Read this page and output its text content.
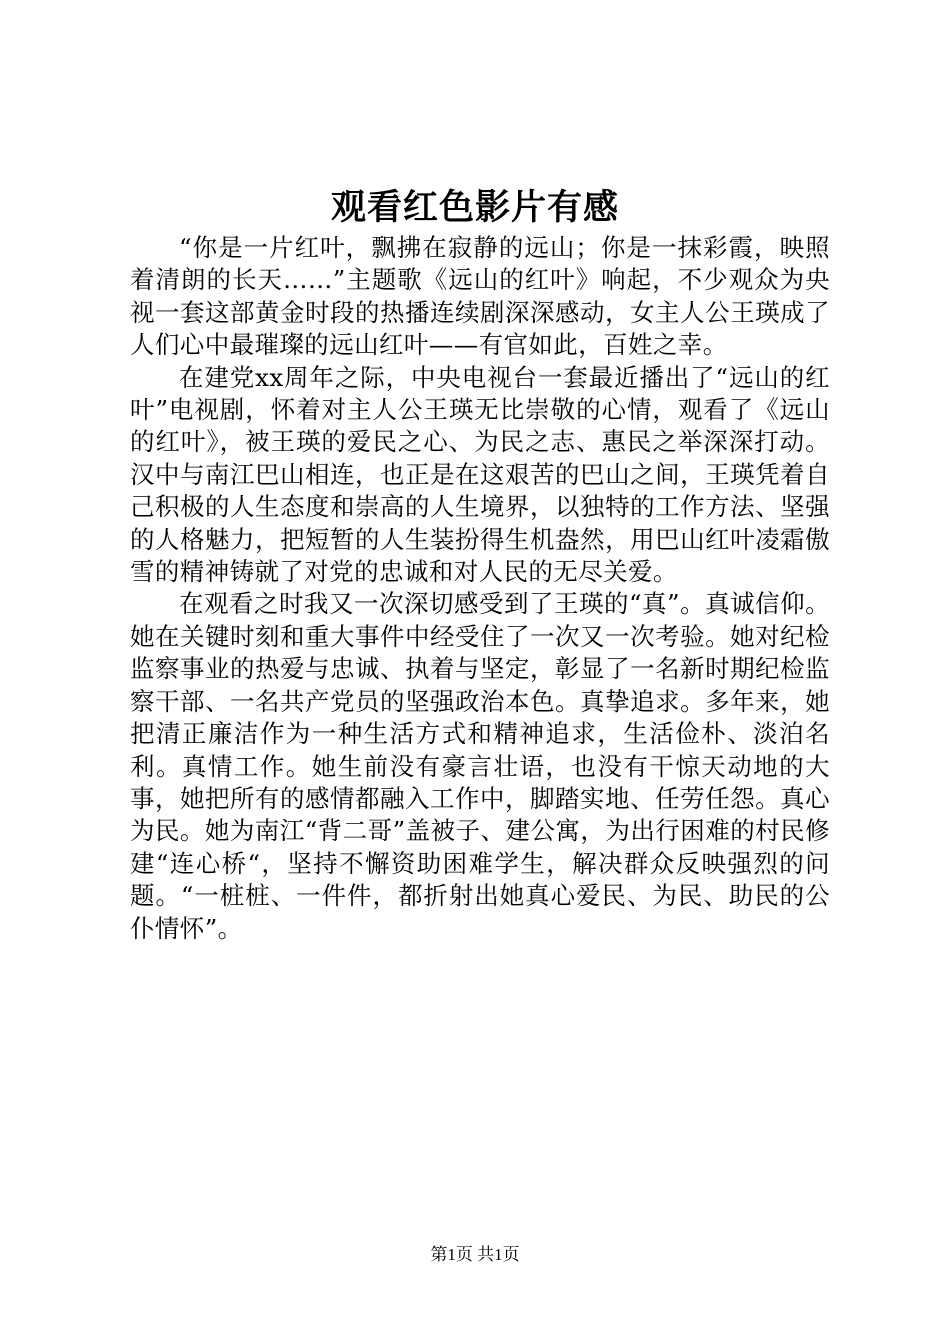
观看红色影片有感

“你是一片红叶，飘拂在寂静的远山；你是一抹彩霞，映照着清朗的长天……”主题歌《远山的红叶》响起，不少观众为央视一套这部黄金时段的热播连续剧深深感动，女主人公王瑛成了人们心中最璀璨的远山红叶——有官如此，百姓之幸。

在建党xx周年之际，中央电视台一套最近播出了“远山的红叶”电视剧，怀着对主人公王瑛无比崇敬的心情，观看了《远山的红叶》，被王瑛的爱民之心、为民之志、惠民之举深深打动。汉中与南江巴山相连，也正是在这艰苦的巴山之间，王瑛凭着自己积极的人生态度和崇高的人生境界，以独特的工作方法、坚强的人格魅力，把短暂的人生装扮得生机盎然，用巴山红叶凌霜傲雪的精神铸就了对党的忠诚和对人民的无尽关爱。

在观看之时我又一次深切感受到了王瑛的“真”。真诚信仰。她在关键时刻和重大事件中经受住了一次又一次考验。她对纪检监察事业的热爱与忠诚、执着与坚定，彰显了一名新时期纪检监察干部、一名共产党员的坚强政治本色。真挚追求。多年来，她把清正廉洁作为一种生活方式和精神追求，生活俭朴、淡泊名利。真情工作。她生前没有豪言壮语，也没有干惊天动地的大事，她把所有的感情都融入工作中，脚踏实地、任劳任怨。真心为民。她为南江“背二哥”盖被子、建公寓，为出行困难的村民修建“连心桥“，坚持不懈资助困难学生，解决群众反映强烈的问题。“一桩桩、一件件，都折射出她真心爱民、为民、助民的公仆情怀”。

第1页 共1页
